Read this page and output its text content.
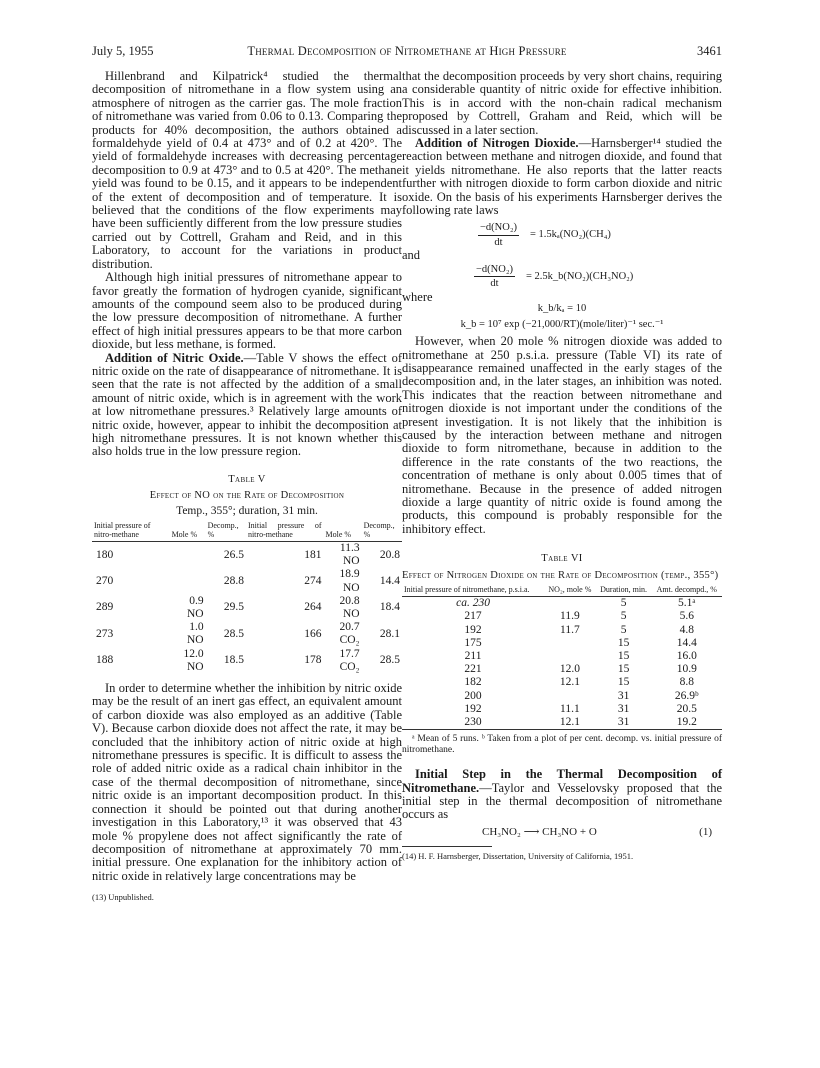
July 5, 1955	Thermal Decomposition of Nitromethane at High Pressure	3461

Hillenbrand and Kilpatrick⁴ studied the thermal decomposition of nitromethane in a flow system using an atmosphere of nitrogen as the carrier gas. The mole fraction of nitromethane was varied from 0.06 to 0.13. Comparing the products for 40% decomposition, the authors obtained a formaldehyde yield of 0.4 at 473° and of 0.2 at 420°. The yield of formaldehyde increases with decreasing percentage decomposition to 0.9 at 473° and to 0.5 at 420°. The methane yield was found to be 0.15, and it appears to be independent of the extent of decomposition and of temperature. It is believed that the conditions of the flow experiments may have been sufficiently different from the low pressure studies carried out by Cottrell, Graham and Reid, and in this Laboratory, to account for the variations in product distribution.

Although high initial pressures of nitromethane appear to favor greatly the formation of hydrogen cyanide, significant amounts of the compound seem also to be produced during the low pressure decomposition of nitromethane. A further effect of high initial pressures appears to be that more carbon dioxide, but less methane, is formed.

Addition of Nitric Oxide.—Table V shows the effect of nitric oxide on the rate of disappearance of nitromethane. It is seen that the rate is not affected by the addition of a small amount of nitric oxide, which is in agreement with the work at low nitromethane pressures.³ Relatively large amounts of nitric oxide, however, appear to inhibit the decomposition at high nitromethane pressures. It is not known whether this also holds true in the low pressure region.

Table V
Effect of NO on the Rate of Decomposition
Temp., 355°; duration, 31 min.
Initial pressure of nitro-methane	Mole %	Decomp., %	Initial pressure of nitro-methane	Mole %	Decomp., %
180		26.5	181	11.3 NO	20.8
270		28.8	274	18.9 NO	14.4
289	0.9 NO	29.5	264	20.8 NO	18.4
273	1.0 NO	28.5	166	20.7 CO₂	28.1
188	12.0 NO	18.5	178	17.7 CO₂	28.5

In order to determine whether the inhibition by nitric oxide may be the result of an inert gas effect, an equivalent amount of carbon dioxide was also employed as an additive (Table V). Because carbon dioxide does not affect the rate, it may be concluded that the inhibitory action of nitric oxide at high nitromethane pressures is specific. It is difficult to assess the role of added nitric oxide as a radical chain inhibitor in the case of the thermal decomposition of nitromethane, since nitric oxide is an important decomposition product. In this connection it should be pointed out that during another investigation in this Laboratory,¹³ it was observed that 43 mole % propylene does not affect significantly the rate of decomposition of nitromethane at approximately 70 mm. initial pressure. One explanation for the inhibitory action of nitric oxide in relatively large concentrations may be

(13) Unpublished.

that the decomposition proceeds by very short chains, requiring a considerable quantity of nitric oxide for effective inhibition. This is in accord with the non-chain radical mechanism proposed by Cottrell, Graham and Reid, which will be discussed in a later section.

Addition of Nitrogen Dioxide.—Harnsberger¹⁴ studied the reaction between methane and nitrogen dioxide, and found that it yields nitromethane. He also reports that the latter reacts further with nitrogen dioxide to form carbon dioxide and nitric oxide. On the basis of his experiments Harnsberger derives the following rate laws

$\frac{\text{−d(NO₂)}}{dt} = 1.5k_a(NO_2)(CH_4)$
and
$\frac{\text{−d(NO₂)}}{dt}$ = 2.5k_b(NO₂)(CH₃NO₂)
where
k_b/kₐ = 10
k_b = 10⁷ exp (−21,000/RT)(mole/liter)⁻¹ sec.⁻¹

However, when 20 mole % nitrogen dioxide was added to nitromethane at 250 p.s.i.a. pressure (Table VI) its rate of disappearance remained unaffected in the early stages of the decomposition and, in the later stages, an inhibition was noted. This indicates that the reaction between nitromethane and nitrogen dioxide is not important under the conditions of the present investigation. It is not likely that the inhibition is caused by the interaction between methane and nitrogen dioxide to form nitromethane, because in addition to the difference in the rate constants of the two reactions, the concentration of methane is only about 0.005 times that of nitromethane. Because in the presence of added nitrogen dioxide a large quantity of nitric oxide is found among the products, this compound is probably responsible for the inhibitory effect.

Table VI
Effect of Nitrogen Dioxide on the Rate of Decomposition (temp., 355°)
Initial pressure of nitromethane, p.s.i.a.	NO₂, mole %	Duration, min.	Amt. decompd., %
ca. 230		5	5.1ᵃ
217	11.9	5	5.6
192	11.7	5	4.8
175		15	14.4
211		15	16.0
221	12.0	15	10.9
182	12.1	15	8.8
200		31	26.9ᵇ
192	11.1	31	20.5
230	12.1	31	19.2
ᵃ Mean of 5 runs. ᵇ Taken from a plot of per cent. decomp. vs. initial pressure of nitromethane.

Initial Step in the Thermal Decomposition of Nitromethane.—Taylor and Vesselovsky proposed that the initial step in the thermal decomposition of nitromethane occurs as

CH₃NO₂ ⟶ CH₃NO + O	(1)
(14) H. F. Harnsberger, Dissertation, University of California, 1951.
